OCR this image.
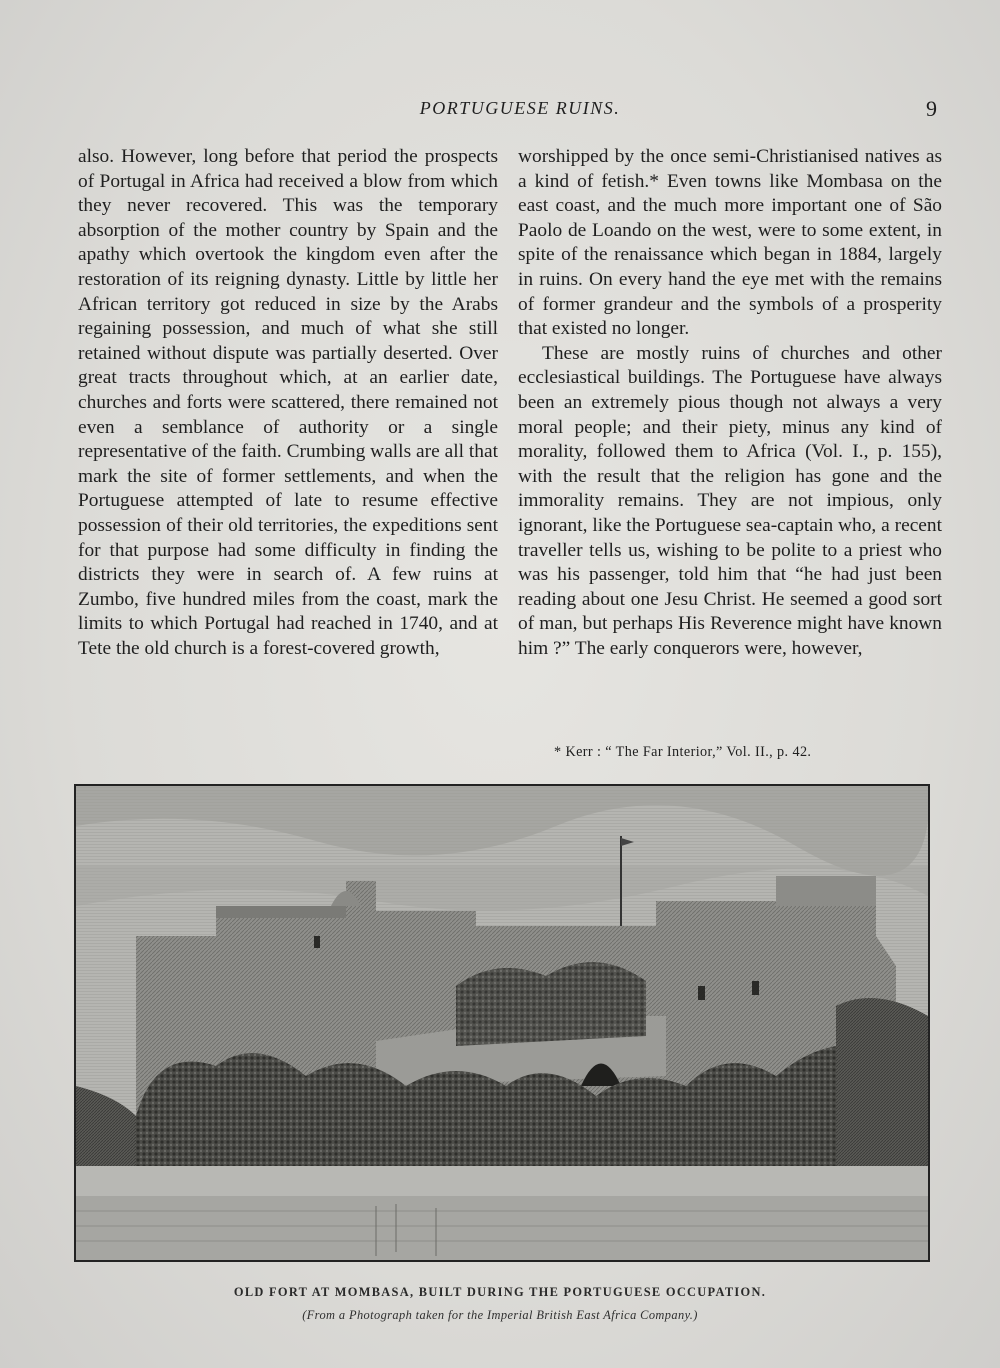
PORTUGUESE RUINS.	9

also. However, long before that period the prospects of Portugal in Africa had received a blow from which they never recovered. This was the temporary absorption of the mother country by Spain and the apathy which overtook the kingdom even after the restoration of its reigning dynasty. Little by little her African territory got reduced in size by the Arabs regaining possession, and much of what she still retained without dispute was partially deserted. Over great tracts throughout which, at an earlier date, churches and forts were scattered, there remained not even a semblance of authority or a single representative of the faith. Crumbing walls are all that mark the site of former settlements, and when the Portuguese attempted of late to resume effective possession of their old territories, the expeditions sent for that purpose had some difficulty in finding the districts they were in search of. A few ruins at Zumbo, five hundred miles from the coast, mark the limits to which Portugal had reached in 1740, and at Tete the old church is a forest-covered growth,

worshipped by the once semi-Christianised natives as a kind of fetish.* Even towns like Mombasa on the east coast, and the much more important one of São Paolo de Loando on the west, were to some extent, in spite of the renaissance which began in 1884, largely in ruins. On every hand the eye met with the remains of former grandeur and the symbols of a prosperity that existed no longer.

These are mostly ruins of churches and other ecclesiastical buildings. The Portuguese have always been an extremely pious though not always a very moral people; and their piety, minus any kind of morality, followed them to Africa (Vol. I., p. 155), with the result that the religion has gone and the immorality remains. They are not impious, only ignorant, like the Portuguese sea-captain who, a recent traveller tells us, wishing to be polite to a priest who was his passenger, told him that “he had just been reading about one Jesu Christ. He seemed a good sort of man, but perhaps His Reverence might have known him ?” The early conquerors were, however,

* Kerr : “ The Far Interior,” Vol. II., p. 42.
OLD FORT AT MOMBASA, BUILT DURING THE PORTUGUESE OCCUPATION.
(From a Photograph taken for the Imperial British East Africa Company.)
